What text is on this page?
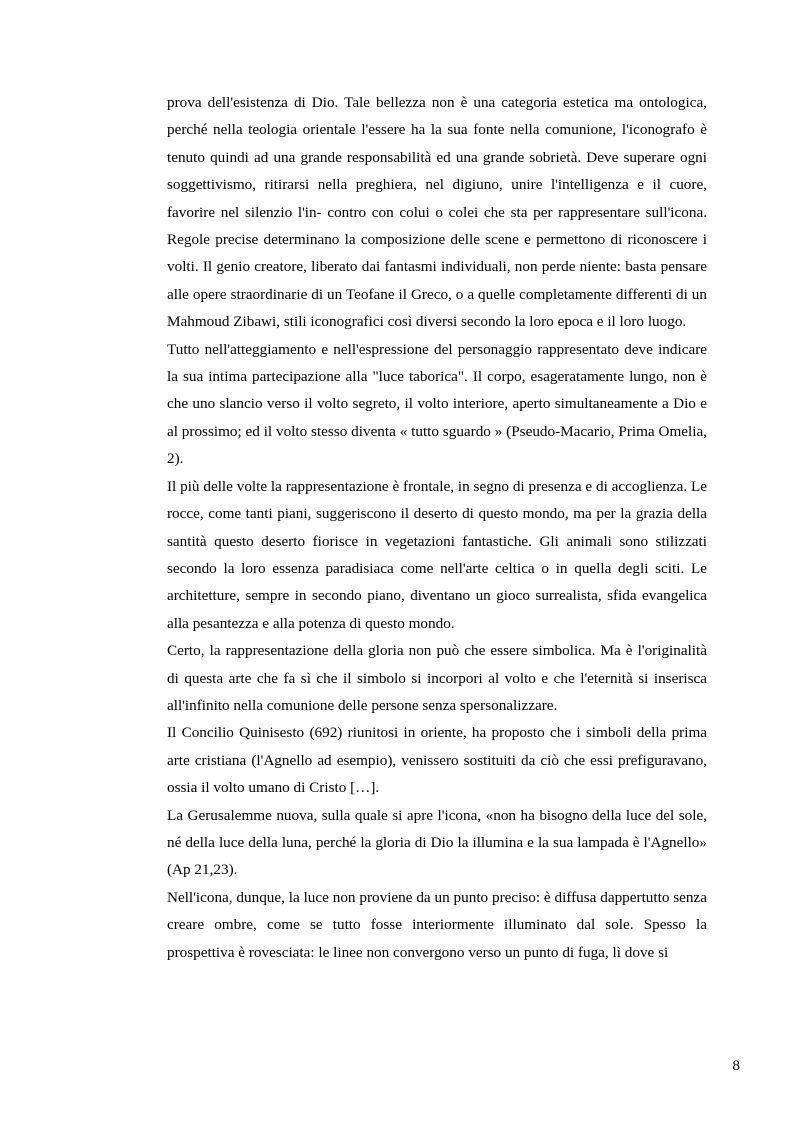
prova dell'esistenza di Dio. Tale bellezza non è una categoria estetica ma ontologica, perché nella teologia orientale l'essere ha la sua fonte nella comunione, l'iconografo è tenuto quindi ad una grande responsabilità ed una grande sobrietà. Deve superare ogni soggettivismo, ritirarsi nella preghiera, nel digiuno, unire l'intelligenza e il cuore, favorire nel silenzio l'in- contro con colui o colei che sta per rappresentare sull'icona. Regole precise determinano la composizione delle scene e permettono di riconoscere i volti. Il genio creatore, liberato dai fantasmi individuali, non perde niente: basta pensare alle opere straordinarie di un Teofane il Greco, o a quelle completamente differenti di un Mahmoud Zibawi, stili iconografici così diversi secondo la loro epoca e il loro luogo.

Tutto nell'atteggiamento e nell'espressione del personaggio rappresentato deve indicare la sua intima partecipazione alla "luce taborica". Il corpo, esageratamente lungo, non è che uno slancio verso il volto segreto, il volto interiore, aperto simultaneamente a Dio e al prossimo; ed il volto stesso diventa « tutto sguardo » (Pseudo-Macario, Prima Omelia, 2).

Il più delle volte la rappresentazione è frontale, in segno di presenza e di accoglienza. Le rocce, come tanti piani, suggeriscono il deserto di questo mondo, ma per la grazia della santità questo deserto fiorisce in vegetazioni fantastiche. Gli animali sono stilizzati secondo la loro essenza paradisiaca come nell'arte celtica o in quella degli sciti. Le architetture, sempre in secondo piano, diventano un gioco surrealista, sfida evangelica alla pesantezza e alla potenza di questo mondo.

Certo, la rappresentazione della gloria non può che essere simbolica. Ma è l'originalità di questa arte che fa sì che il simbolo si incorpori al volto e che l'eternità si inserisca all'infinito nella comunione delle persone senza spersonalizzare.

Il Concilio Quinisesto (692) riunitosi in oriente, ha proposto che i simboli della prima arte cristiana (l'Agnello ad esempio), venissero sostituiti da ciò che essi prefiguravano, ossia il volto umano di Cristo […].

La Gerusalemme nuova, sulla quale si apre l'icona, «non ha bisogno della luce del sole, né della luce della luna, perché la gloria di Dio la illumina e la sua lampada è l'Agnello» (Ap 21,23).

Nell'icona, dunque, la luce non proviene da un punto preciso: è diffusa dappertutto senza creare ombre, come se tutto fosse interiormente illuminato dal sole. Spesso la prospettiva è rovesciata: le linee non convergono verso un punto di fuga, lì dove si

8
